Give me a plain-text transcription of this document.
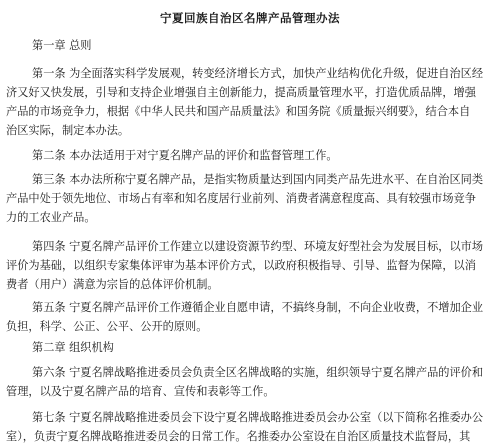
宁夏回族自治区名牌产品管理办法
第一章 总则
第一条 为全面落实科学发展观，转变经济增长方式，加快产业结构优化升级，促进自治区经
济又好又快发展，引导和支持企业增强自主创新能力，提高质量管理水平，打造优质品牌，增强
产品的市场竞争力，根据《中华人民共和国产品质量法》和国务院《质量振兴纲要》，结合本自
治区实际，制定本办法。
第二条 本办法适用于对宁夏名牌产品的评价和监督管理工作。
第三条 本办法所称宁夏名牌产品，是指实物质量达到国内同类产品先进水平、在自治区同类
产品中处于领先地位、市场占有率和知名度居行业前列、消费者满意程度高、具有较强市场竞争
力的工农业产品。
第四条 宁夏名牌产品评价工作建立以建设资源节约型、环境友好型社会为发展目标，以市场
评价为基础，以组织专家集体评审为基本评价方式，以政府积极指导、引导、监督为保障，以消
费者（用户）满意为宗旨的总体评价机制。
第五条 宁夏名牌产品评价工作遵循企业自愿申请，不搞终身制，不向企业收费，不增加企业
负担，科学、公正、公平、公开的原则。
第二章 组织机构
第六条 宁夏名牌战略推进委员会负责全区名牌战略的实施，组织领导宁夏名牌产品的评价和
管理，以及宁夏名牌产品的培育、宣传和表彰等工作。
第七条 宁夏名牌战略推进委员会下设宁夏名牌战略推进委员会办公室（以下简称名推委办公
室），负责宁夏名牌战略推进委员会的日常工作。名推委办公室设在自治区质量技术监督局，其
